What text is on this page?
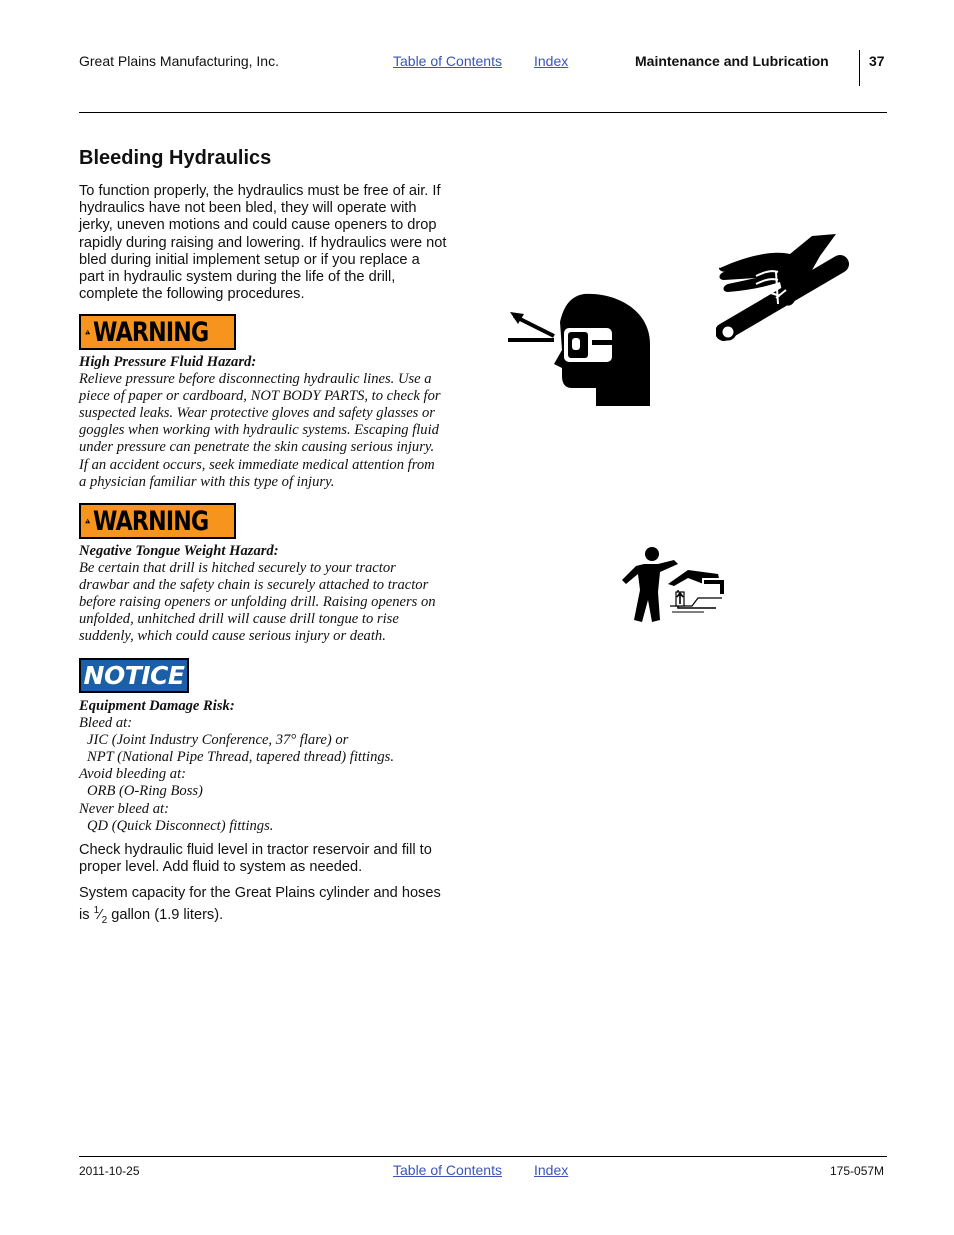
Great Plains Manufacturing, Inc.	Table of Contents Index	Maintenance and Lubrication	37
Bleeding Hydraulics
To function properly, the hydraulics must be free of air. If
hydraulics have not been bled, they will operate with
jerky, uneven motions and could cause openers to drop
rapidly during raising and lowering. If hydraulics were not
bled during initial implement setup or if you replace a
part in hydraulic system during the life of the drill,
complete the following procedures.
WARNING
High Pressure Fluid Hazard:
Relieve pressure before disconnecting hydraulic lines. Use a
piece of paper or cardboard, NOT BODY PARTS, to check for
suspected leaks. Wear protective gloves and safety glasses or
goggles when working with hydraulic systems. Escaping fluid
under pressure can penetrate the skin causing serious injury.
If an accident occurs, seek immediate medical attention from
a physician familiar with this type of injury.
WARNING
Negative Tongue Weight Hazard:
Be certain that drill is hitched securely to your tractor
drawbar and the safety chain is securely attached to tractor
before raising openers or unfolding drill. Raising openers on
unfolded, unhitched drill will cause drill tongue to rise
suddenly, which could cause serious injury or death.
NOTICE
Equipment Damage Risk:
Bleed at:
JIC (Joint Industry Conference, 37° flare) or
NPT (National Pipe Thread, tapered thread) fittings.
Avoid bleeding at:
ORB (O-Ring Boss)
Never bleed at:
QD (Quick Disconnect) fittings.
Check hydraulic fluid level in tractor reservoir and fill to
proper level. Add fluid to system as needed.
System capacity for the Great Plains cylinder and hoses
is $^1⁄_2$ gallon (1.9 liters).
2011-10-25	Table of Contents Index	175-057M
